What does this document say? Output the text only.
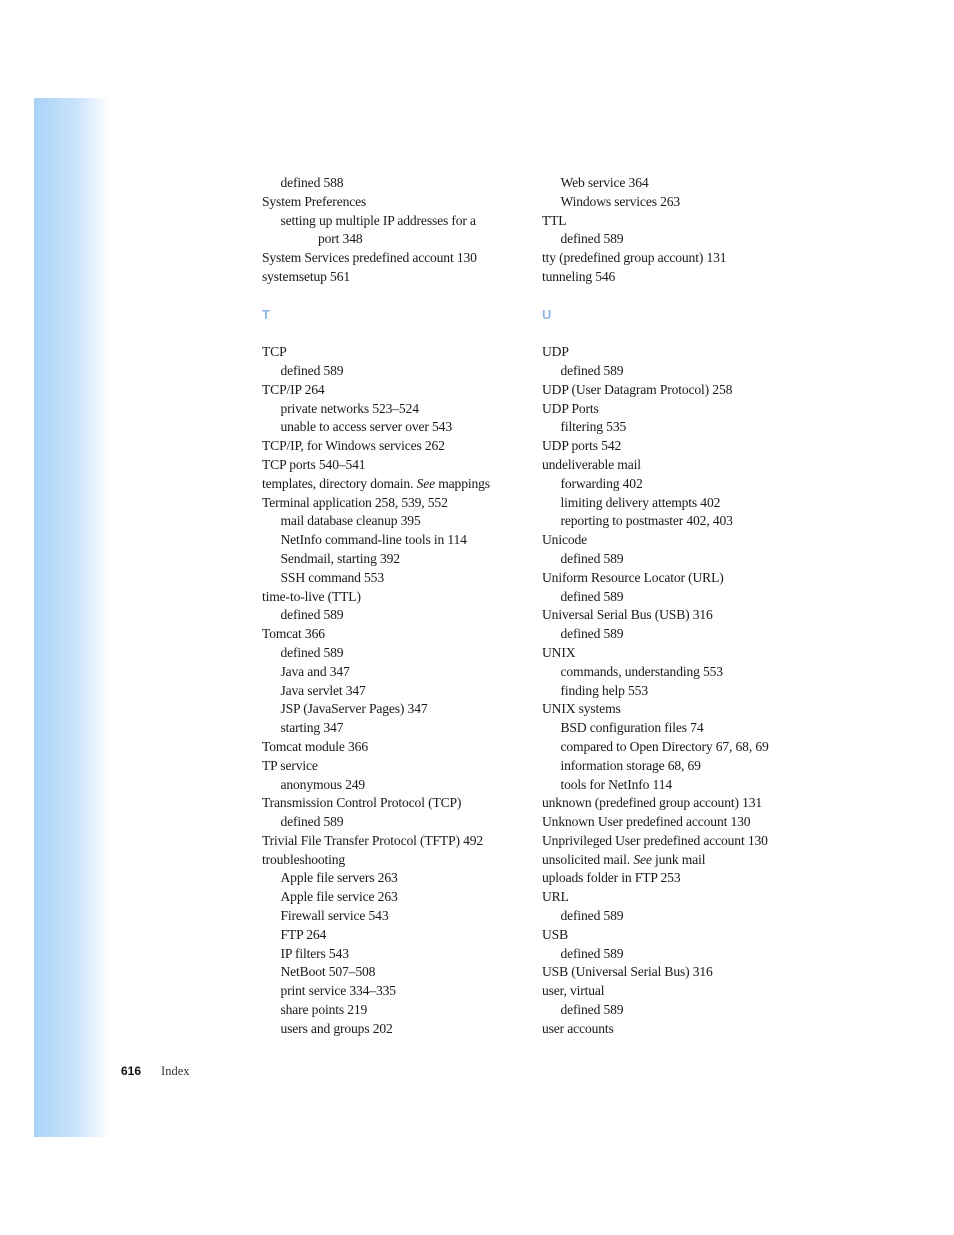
defined 588
System Preferences
setting up multiple IP addresses for a
port 348
System Services predefined account 130
systemsetup 561
T
TCP
defined 589
TCP/IP 264
private networks 523–524
unable to access server over 543
TCP/IP, for Windows services 262
TCP ports 540–541
templates, directory domain. See mappings
Terminal application 258, 539, 552
mail database cleanup 395
NetInfo command-line tools in 114
Sendmail, starting 392
SSH command 553
time-to-live (TTL)
defined 589
Tomcat 366
defined 589
Java and 347
Java servlet 347
JSP (JavaServer Pages) 347
starting 347
Tomcat module 366
TP service
anonymous 249
Transmission Control Protocol (TCP)
defined 589
Trivial File Transfer Protocol (TFTP) 492
troubleshooting
Apple file servers 263
Apple file service 263
Firewall service 543
FTP 264
IP filters 543
NetBoot 507–508
print service 334–335
share points 219
users and groups 202
Web service 364
Windows services 263
TTL
defined 589
tty (predefined group account) 131
tunneling 546
U
UDP
defined 589
UDP (User Datagram Protocol) 258
UDP Ports
filtering 535
UDP ports 542
undeliverable mail
forwarding 402
limiting delivery attempts 402
reporting to postmaster 402, 403
Unicode
defined 589
Uniform Resource Locator (URL)
defined 589
Universal Serial Bus (USB) 316
defined 589
UNIX
commands, understanding 553
finding help 553
UNIX systems
BSD configuration files 74
compared to Open Directory 67, 68, 69
information storage 68, 69
tools for NetInfo 114
unknown (predefined group account) 131
Unknown User predefined account 130
Unprivileged User predefined account 130
unsolicited mail. See junk mail
uploads folder in FTP 253
URL
defined 589
USB
defined 589
USB (Universal Serial Bus) 316
user, virtual
defined 589
user accounts
616 Index
